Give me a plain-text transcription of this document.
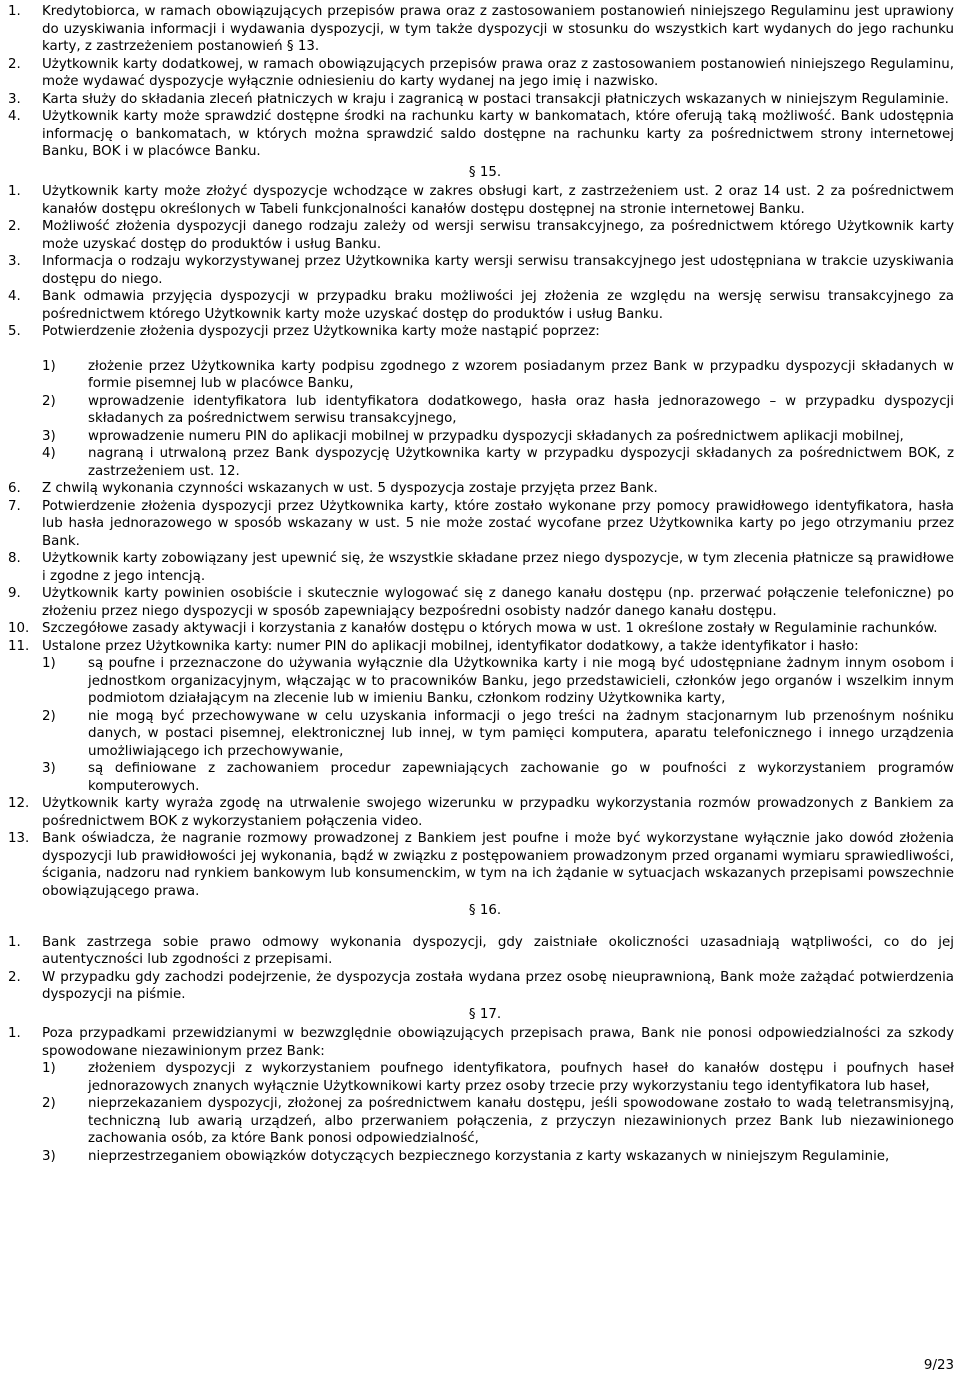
1. Kredytobiorca, w ramach obowiązujących przepisów prawa oraz z zastosowaniem postanowień niniejszego Regulaminu jest uprawiony do uzyskiwania informacji i wydawania dyspozycji, w tym także dyspozycji w stosunku do wszystkich kart wydanych do jego rachunku karty, z zastrzeżeniem postanowień § 13.
2. Użytkownik karty dodatkowej, w ramach obowiązujących przepisów prawa oraz z zastosowaniem postanowień niniejszego Regulaminu, może wydawać dyspozycje wyłącznie odniesieniu do karty wydanej na jego imię i nazwisko.
3. Karta służy do składania zleceń płatniczych w kraju i zagranicą w postaci transakcji płatniczych wskazanych w niniejszym Regulaminie.
4. Użytkownik karty może sprawdzić dostępne środki na rachunku karty w bankomatach, które oferują taką możliwość. Bank udostępnia informację o bankomatach, w których można sprawdzić saldo dostępne na rachunku karty za pośrednictwem strony internetowej Banku, BOK i w placówce Banku.
§ 15.
1. Użytkownik karty może złożyć dyspozycje wchodzące w zakres obsługi kart, z zastrzeżeniem ust. 2 oraz 14 ust. 2 za pośrednictwem kanałów dostępu określonych w Tabeli funkcjonalności kanałów dostępu dostępnej na stronie internetowej Banku.
2. Możliwość złożenia dyspozycji danego rodzaju zależy od wersji serwisu transakcyjnego, za pośrednictwem którego Użytkownik karty może uzyskać dostęp do produktów i usług Banku.
3. Informacja o rodzaju wykorzystywanej przez Użytkownika karty wersji serwisu transakcyjnego jest udostępniana w trakcie uzyskiwania dostępu do niego.
4. Bank odmawia przyjęcia dyspozycji w przypadku braku możliwości jej złożenia ze względu na wersję serwisu transakcyjnego za pośrednictwem którego Użytkownik karty może uzyskać dostęp do produktów i usług Banku.
5. Potwierdzenie złożenia dyspozycji przez Użytkownika karty może nastąpić poprzez:
1) złożenie przez Użytkownika karty podpisu zgodnego z wzorem posiadanym przez Bank w przypadku dyspozycji składanych w formie pisemnej lub w placówce Banku,
2) wprowadzenie identyfikatora lub identyfikatora dodatkowego, hasła oraz hasła jednorazowego – w przypadku dyspozycji składanych za pośrednictwem serwisu transakcyjnego,
3) wprowadzenie numeru PIN do aplikacji mobilnej w przypadku dyspozycji składanych za pośrednictwem aplikacji mobilnej,
4) nagraną i utrwaloną przez Bank dyspozycję Użytkownika karty w przypadku dyspozycji składanych za pośrednictwem BOK, z zastrzeżeniem ust. 12.
6. Z chwilą wykonania czynności wskazanych w ust. 5 dyspozycja zostaje przyjęta przez Bank.
7. Potwierdzenie złożenia dyspozycji przez Użytkownika karty, które zostało wykonane przy pomocy prawidłowego identyfikatora, hasła lub hasła jednorazowego w sposób wskazany w ust. 5 nie może zostać wycofane przez Użytkownika karty po jego otrzymaniu przez Bank.
8. Użytkownik karty zobowiązany jest upewnić się, że wszystkie składane przez niego dyspozycje, w tym zlecenia płatnicze są prawidłowe i zgodne z jego intencją.
9. Użytkownik karty powinien osobiście i skutecznie wylogować się z danego kanału dostępu (np. przerwać połączenie telefoniczne) po złożeniu przez niego dyspozycji w sposób zapewniający bezpośredni osobisty nadzór danego kanału dostępu.
10. Szczegółowe zasady aktywacji i korzystania z kanałów dostępu o których mowa w ust. 1 określone zostały w Regulaminie rachunków.
11. Ustalone przez Użytkownika karty: numer PIN do aplikacji mobilnej, identyfikator dodatkowy, a także identyfikator i hasło:
1) są poufne i przeznaczone do używania wyłącznie dla Użytkownika karty i nie mogą być udostępniane żadnym innym osobom i jednostkom organizacyjnym, włączając w to pracowników Banku, jego przedstawicieli, członków jego organów i wszelkim innym podmiotom działającym na zlecenie lub w imieniu Banku, członkom rodziny Użytkownika karty,
2) nie mogą być przechowywane w celu uzyskania informacji o jego treści na żadnym stacjonarnym lub przenośnym nośniku danych, w postaci pisemnej, elektronicznej lub innej, w tym pamięci komputera, aparatu telefonicznego i innego urządzenia umożliwiającego ich przechowywanie,
3) są definiowane z zachowaniem procedur zapewniających zachowanie go w poufności z wykorzystaniem programów komputerowych.
12. Użytkownik karty wyraża zgodę na utrwalenie swojego wizerunku w przypadku wykorzystania rozmów prowadzonych z Bankiem za pośrednictwem BOK z wykorzystaniem połączenia video.
13. Bank oświadcza, że nagranie rozmowy prowadzonej z Bankiem jest poufne i może być wykorzystane wyłącznie jako dowód złożenia dyspozycji lub prawidłowości jej wykonania, bądź w związku z postępowaniem prowadzonym przed organami wymiaru sprawiedliwości, ścigania, nadzoru nad rynkiem bankowym lub konsumenckim, w tym na ich żądanie w sytuacjach wskazanych przepisami powszechnie obowiązującego prawa.
§ 16.
1. Bank zastrzega sobie prawo odmowy wykonania dyspozycji, gdy zaistniałe okoliczności uzasadniają wątpliwości, co do jej autentyczności lub zgodności z przepisami.
2. W przypadku gdy zachodzi podejrzenie, że dyspozycja została wydana przez osobę nieuprawnioną, Bank może zażądać potwierdzenia dyspozycji na piśmie.
§ 17.
1. Poza przypadkami przewidzianymi w bezwzględnie obowiązujących przepisach prawa, Bank nie ponosi odpowiedzialności za szkody spowodowane niezawinionym przez Bank:
1) złożeniem dyspozycji z wykorzystaniem poufnego identyfikatora, poufnych haseł do kanałów dostępu i poufnych haseł jednorazowych znanych wyłącznie Użytkownikowi karty przez osoby trzecie przy wykorzystaniu tego identyfikatora lub haseł,
2) nieprzekazaniem dyspozycji, złożonej za pośrednictwem kanału dostępu, jeśli spowodowane zostało to wadą teletransmisyjną, techniczną lub awarią urządzeń, albo przerwaniem połączenia, z przyczyn niezawinionych przez Bank lub niezawinionego zachowania osób, za które Bank ponosi odpowiedzialność,
3) nieprzestrzeganiem obowiązków dotyczących bezpiecznego korzystania z karty wskazanych w niniejszym Regulaminie,
9/23
